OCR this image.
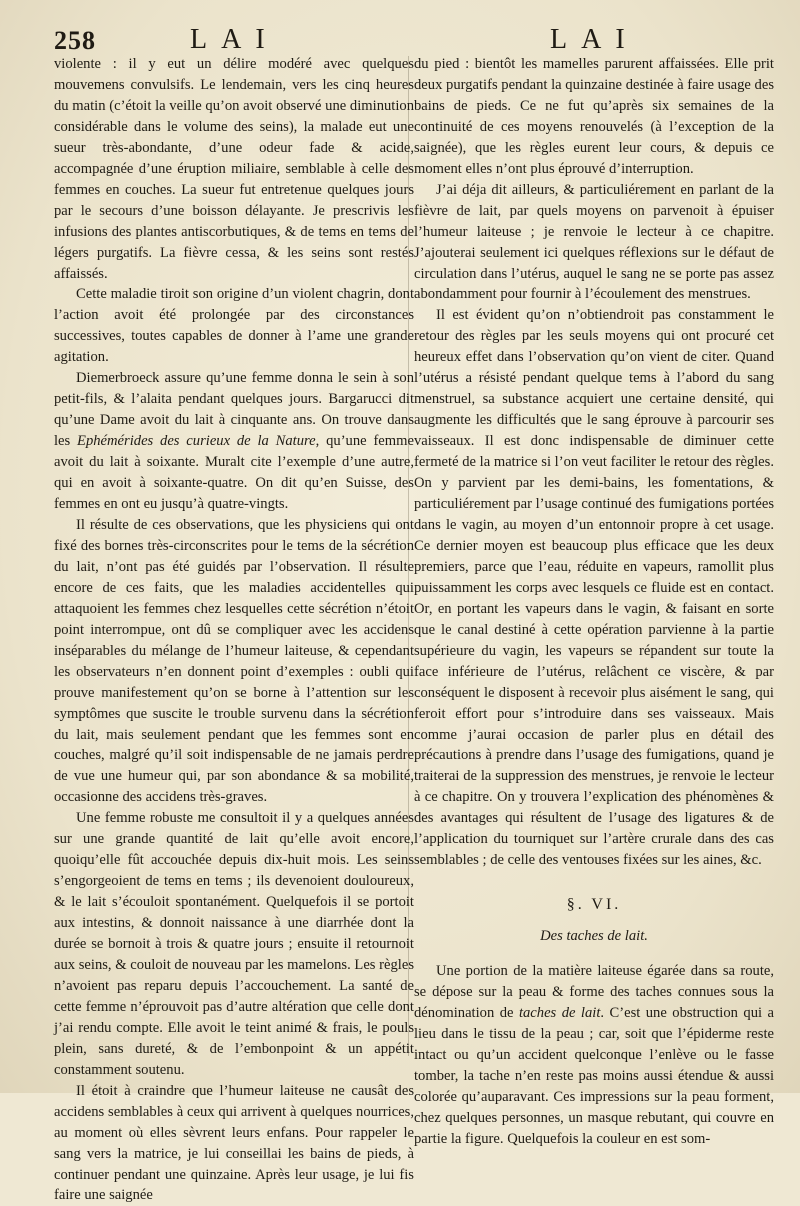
258	LAI	LAI

violente : il y eut un délire modéré avec quelques mouvemens convulsifs. Le lendemain, vers les cinq heures du matin (c’étoit la veille qu’on avoit observé une diminution considérable dans le volume des seins), la malade eut une sueur très-abondante, d’une odeur fade & acide, accompagnée d’une éruption miliaire, semblable à celle des femmes en couches. La sueur fut entretenue quelques jours par le secours d’une boisson délayante. Je prescrivis les infusions des plantes antiscorbutiques, & de tems en tems de légers purgatifs. La fièvre cessa, & les seins sont restés affaissés.

Cette maladie tiroit son origine d’un violent chagrin, dont l’action avoit été prolongée par des circonstances successives, toutes capables de donner à l’ame une grande agitation.

Diemerbroeck assure qu’une femme donna le sein à son petit-fils, & l’alaita pendant quelques jours. Bargarucci dit qu’une Dame avoit du lait à cinquante ans. On trouve dans les Ephémérides des curieux de la Nature, qu’une femme avoit du lait à soixante. Muralt cite l’exemple d’une autre, qui en avoit à soixante-quatre. On dit qu’en Suisse, des femmes en ont eu jusqu’à quatre-vingts.

Il résulte de ces observations, que les physiciens qui ont fixé des bornes très-circonscrites pour le tems de la sécrétion du lait, n’ont pas été guidés par l’observation. Il résulte encore de ces faits, que les maladies accidentelles qui attaquoient les femmes chez lesquelles cette sécrétion n’étoit point interrompue, ont dû se compliquer avec les accidens inséparables du mélange de l’humeur laiteuse, & cependant les observateurs n’en donnent point d’exemples : oubli qui prouve manifestement qu’on se borne à l’attention sur les symptômes que suscite le trouble survenu dans la sécrétion du lait, mais seulement pendant que les femmes sont en couches, malgré qu’il soit indispensable de ne jamais perdre de vue une humeur qui, par son abondance & sa mobilité, occasionne des accidens très-graves.

Une femme robuste me consultoit il y a quelques années sur une grande quantité de lait qu’elle avoit encore, quoiqu’elle fût accouchée depuis dix-huit mois. Les seins s’engorgeoient de tems en tems ; ils devenoient douloureux, & le lait s’écouloit spontanément. Quelquefois il se portoit aux intestins, & donnoit naissance à une diarrhée dont la durée se bornoit à trois & quatre jours ; ensuite il retournoit aux seins, & couloit de nouveau par les mamelons. Les règles n’avoient pas reparu depuis l’accouchement. La santé de cette femme n’éprouvoit pas d’autre altération que celle dont j’ai rendu compte. Elle avoit le teint animé & frais, le pouls plein, sans dureté, & de l’embonpoint & un appétit constamment soutenu.

Il étoit à craindre que l’humeur laiteuse ne causât des accidens semblables à ceux qui arrivent à quelques nourrices, au moment où elles sèvrent leurs enfans. Pour rappeler le sang vers la matrice, je lui conseillai les bains de pieds, à continuer pendant une quinzaine. Après leur usage, je lui fis faire une saignée

du pied : bientôt les mamelles parurent affaissées. Elle prit deux purgatifs pendant la quinzaine destinée à faire usage des bains de pieds. Ce ne fut qu’après six semaines de la continuité de ces moyens renouvelés (à l’exception de la saignée), que les règles eurent leur cours, & depuis ce moment elles n’ont plus éprouvé d’interruption.

J’ai déja dit ailleurs, & particuliérement en parlant de la fièvre de lait, par quels moyens on parvenoit à épuiser l’humeur laiteuse ; je renvoie le lecteur à ce chapitre. J’ajouterai seulement ici quelques réflexions sur le défaut de circulation dans l’utérus, auquel le sang ne se porte pas assez abondamment pour fournir à l’écoulement des menstrues.

Il est évident qu’on n’obtiendroit pas constamment le retour des règles par les seuls moyens qui ont procuré cet heureux effet dans l’observation qu’on vient de citer. Quand l’utérus a résisté pendant quelque tems à l’abord du sang menstruel, sa substance acquiert une certaine densité, qui augmente les difficultés que le sang éprouve à parcourir ses vaisseaux. Il est donc indispensable de diminuer cette fermeté de la matrice si l’on veut faciliter le retour des règles. On y parvient par les demi-bains, les fomentations, & particuliérement par l’usage continué des fumigations portées dans le vagin, au moyen d’un entonnoir propre à cet usage. Ce dernier moyen est beaucoup plus efficace que les deux premiers, parce que l’eau, réduite en vapeurs, ramollit plus puissamment les corps avec lesquels ce fluide est en contact. Or, en portant les vapeurs dans le vagin, & faisant en sorte que le canal destiné à cette opération parvienne à la partie supérieure du vagin, les vapeurs se répandent sur toute la face inférieure de l’utérus, relâchent ce viscère, & par conséquent le disposent à recevoir plus aisément le sang, qui feroit effort pour s’introduire dans ses vaisseaux. Mais comme j’aurai occasion de parler plus en détail des précautions à prendre dans l’usage des fumigations, quand je traiterai de la suppression des menstrues, je renvoie le lecteur à ce chapitre. On y trouvera l’explication des phénomènes & des avantages qui résultent de l’usage des ligatures & de l’application du tourniquet sur l’artère crurale dans des cas semblables ; de celle des ventouses fixées sur les aines, &c.

§. VI.
Des taches de lait.

Une portion de la matière laiteuse égarée dans sa route, se dépose sur la peau & forme des taches connues sous la dénomination de taches de lait. C’est une obstruction qui a lieu dans le tissu de la peau ; car, soit que l’épiderme reste intact ou qu’un accident quelconque l’enlève ou le fasse tomber, la tache n’en reste pas moins aussi étendue & aussi colorée qu’auparavant. Ces impressions sur la peau forment, chez quelques personnes, un masque rebutant, qui couvre en partie la figure. Quelquefois la couleur en est som-
